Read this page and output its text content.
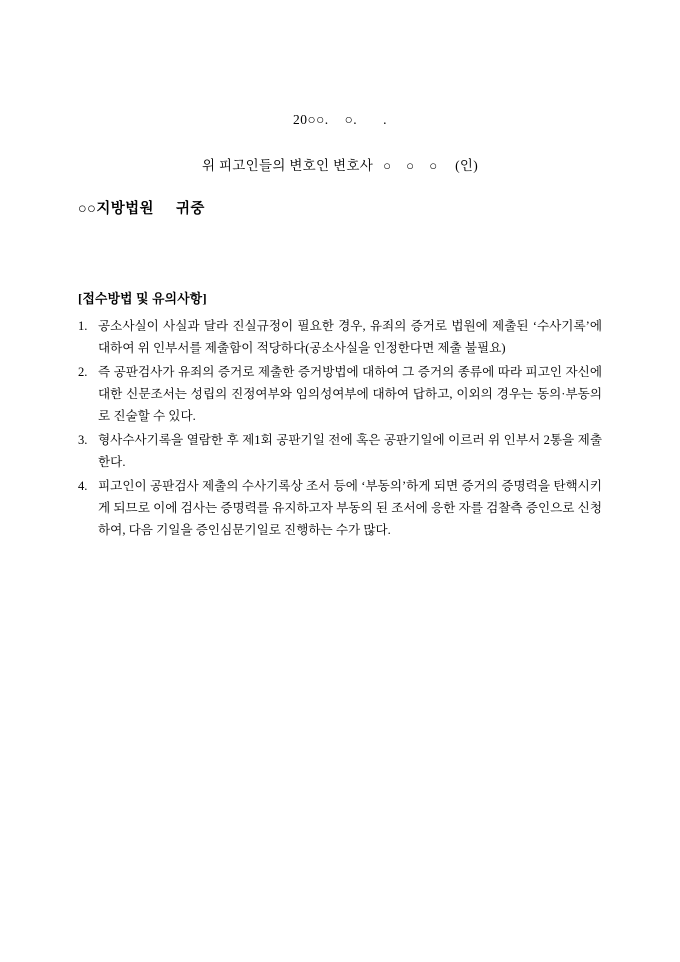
20○○. ○. .
위 피고인들의 변호인 변호사 ○ ○ ○ (인)
○○지방법원 귀중
[접수방법 및 유의사항]
1. 공소사실이 사실과 달라 진실규정이 필요한 경우, 유죄의 증거로 법원에 제출된 ‘수사기록’에 대하여 위 인부서를 제출함이 적당하다(공소사실을 인정한다면 제출 불필요)
2. 즉 공판검사가 유죄의 증거로 제출한 증거방법에 대하여 그 증거의 종류에 따라 피고인 자신에 대한 신문조서는 성립의 진정여부와 임의성여부에 대하여 답하고, 이외의 경우는 동의·부동의로 진술할 수 있다.
3. 형사수사기록을 열람한 후 제1회 공판기일 전에 혹은 공판기일에 이르러 위 인부서 2통을 제출한다.
4. 피고인이 공판검사 제출의 수사기록상 조서 등에 ‘부동의’하게 되면 증거의 증명력을 탄핵시키게 되므로 이에 검사는 증명력를 유지하고자 부동의 된 조서에 응한 자를 검찰측 증인으로 신청하여, 다음 기일을 증인심문기일로 진행하는 수가 많다.
